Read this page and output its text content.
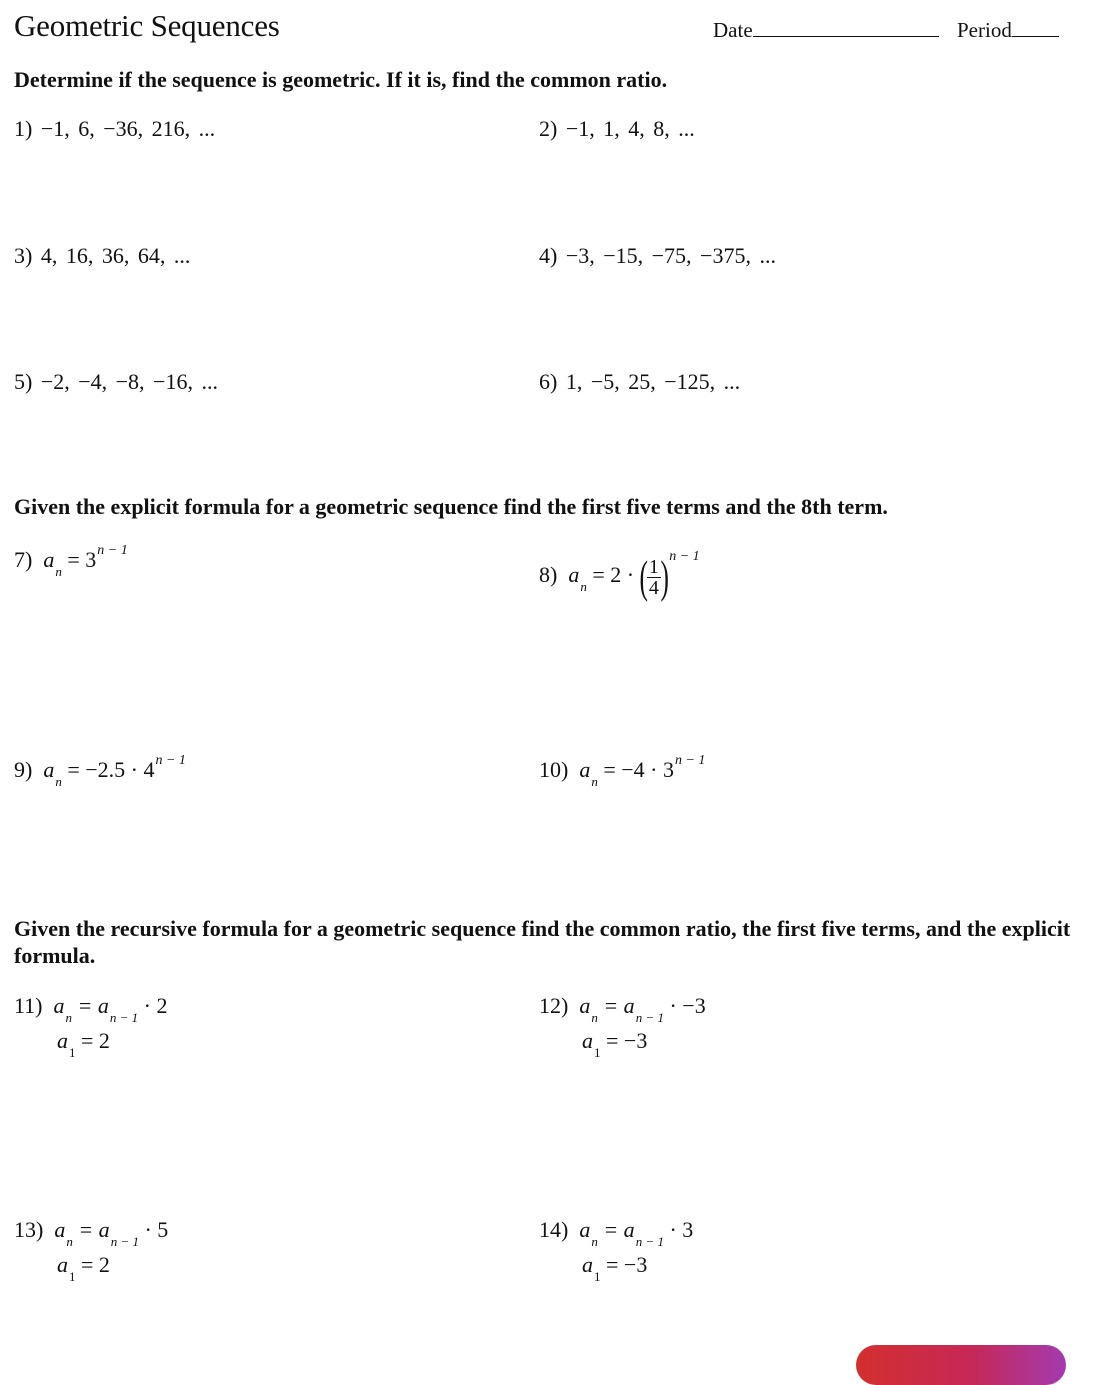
Geometric Sequences	Date	Period
Determine if the sequence is geometric. If it is, find the common ratio.
1) −1, 6, −36, 216, ...	2) −1, 1, 4, 8, ...
3) 4, 16, 36, 64, ...	4) −3, −15, −75, −375, ...
5) −2, −4, −8, −16, ...	6) 1, −5, 25, −125, ...
Given the explicit formula for a geometric sequence find the first five terms and the 8th term.
7) $a_n = 3^{n - 1}$
8) $a_n = 2$ · ( $\frac{1}{4} )^{n - 1}$
9) $a_n = -2.5 \cdot 4^{n - 1}$	10) $a_n = -4 \cdot 3^{n - 1}$
Given the recursive formula for a geometric sequence find the common ratio, the first five terms, and the explicit formula.
11) $a_n = a_{n - 1} \cdot 2$
$a_1 = 2$
12) $a_n = a_{n - 1} \cdot -3$
$a_1 = -3$
13) $a_n = a_{n - 1} \cdot 5$
$a_1 = 2$
14) $a_n = a_{n - 1} \cdot 3$
$a_1 = -3$
